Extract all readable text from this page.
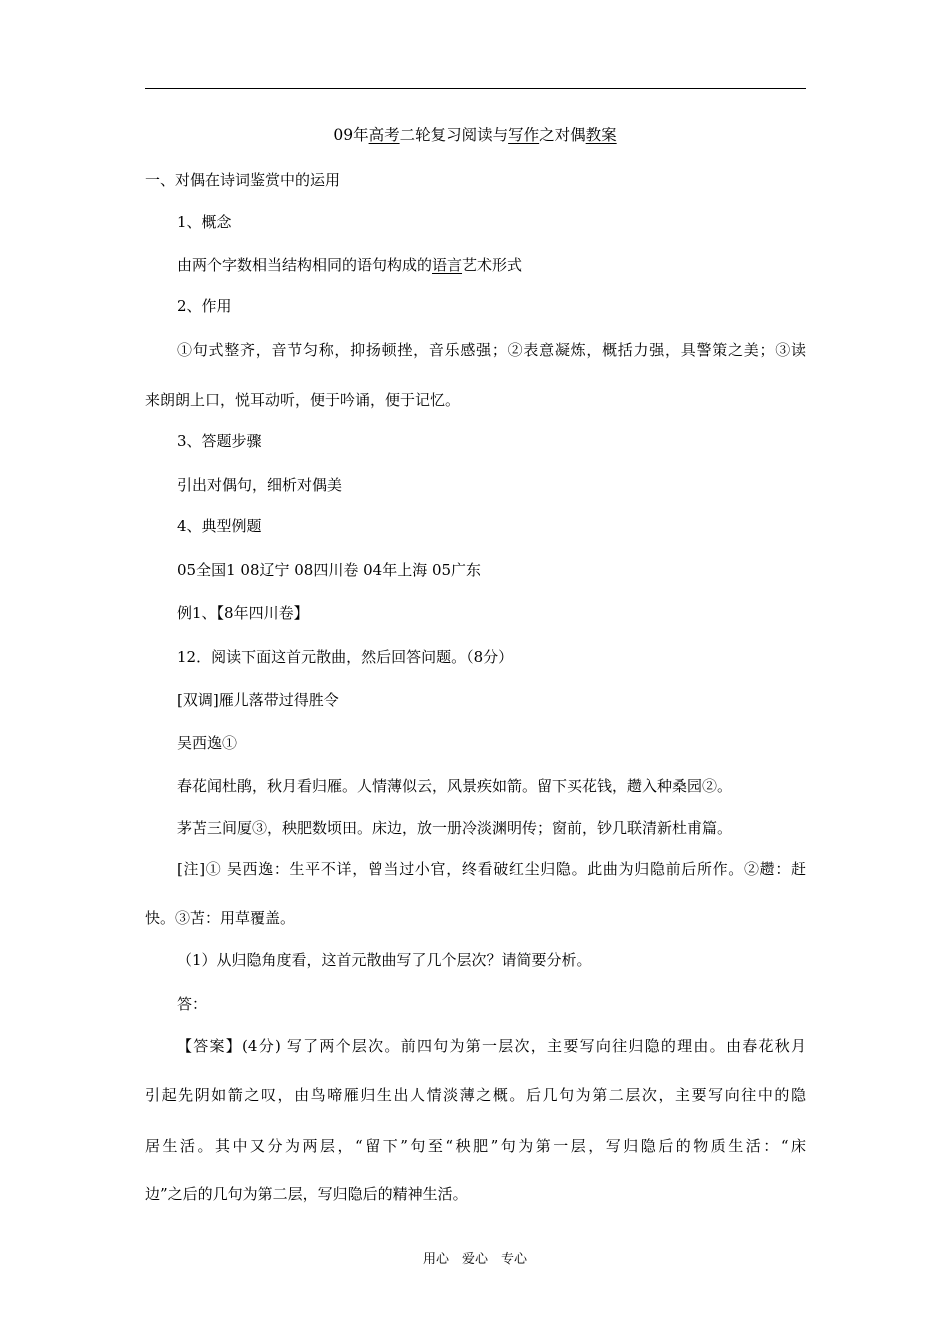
09年高考二轮复习阅读与写作之对偶教案
一、对偶在诗词鉴赏中的运用
1、概念
由两个字数相当结构相同的语句构成的语言艺术形式
2、作用
①句式整齐，音节匀称，抑扬顿挫，音乐感强；②表意凝炼，概括力强，具警策之美；③读
来朗朗上口，悦耳动听，便于吟诵，便于记忆。
3、答题步骤
引出对偶句，细析对偶美
4、典型例题
05全国1 08辽宁 08四川卷 04年上海 05广东
例1、【8年四川卷】
12．阅读下面这首元散曲，然后回答问题。（8分）
[双调]雁儿落带过得胜令
吴西逸①
春花闻杜鹃，秋月看归雁。人情薄似云，风景疾如箭。留下买花钱，趱入种桑园②。
茅苫三间厦③，秧肥数顷田。床边，放一册冷淡渊明传；窗前，钞几联清新杜甫篇。
[注]① 吴西逸：生平不详，曾当过小官，终看破红尘归隐。此曲为归隐前后所作。②趱：赶
快。③苫：用草覆盖。
（1）从归隐角度看，这首元散曲写了几个层次？请简要分析。
答：
【答案】(4分) 写了两个层次。前四句为第一层次，主要写向往归隐的理由。由春花秋月
引起先阴如箭之叹，由鸟啼雁归生出人情淡薄之概。后几句为第二层次，主要写向往中的隐
居生活。其中又分为两层，“留下”句至“秧肥”句为第一层，写归隐后的物质生活：“床
边”之后的几句为第二层，写归隐后的精神生活。
用心　爱心　专心
